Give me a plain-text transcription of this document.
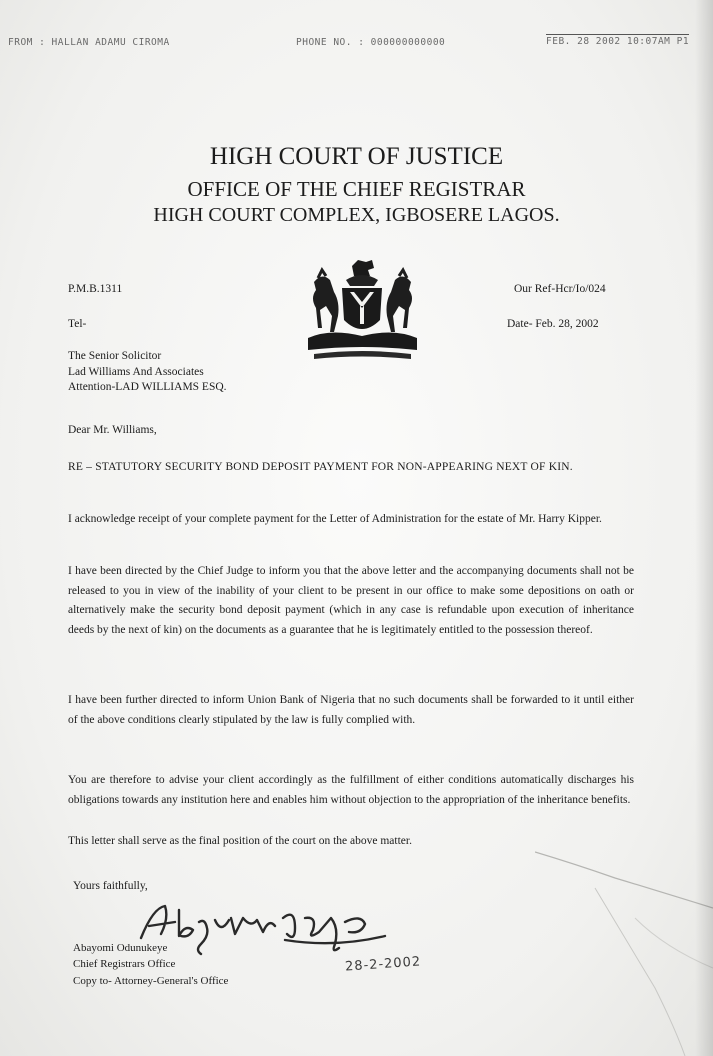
FROM : HALLAN ADAMU CIROMA	PHONE NO. : 000000000000	FEB. 28 2002 10:07AM P1
HIGH COURT OF JUSTICE
OFFICE OF THE CHIEF REGISTRAR
HIGH COURT COMPLEX, IGBOSERE LAGOS.
P.M.B.1311
Tel-
Our Ref-Hcr/Io/024
Date- Feb. 28, 2002
The Senior Solicitor
Lad Williams And Associates
Attention-LAD WILLIAMS ESQ.
Dear Mr. Williams,
RE – STATUTORY SECURITY BOND DEPOSIT PAYMENT FOR NON-APPEARING NEXT OF KIN.
I acknowledge receipt of your complete payment for the Letter of Administration for the estate of Mr. Harry Kipper.
I have been directed by the Chief Judge to inform you that the above letter and the accompanying documents shall not be released to you in view of the inability of your client to be present in our office to make some depositions on oath or alternatively make the security bond deposit payment (which in any case is refundable upon execution of inheritance deeds by the next of kin) on the documents as a guarantee that he is legitimately entitled to the possession thereof.
I have been further directed to inform Union Bank of Nigeria that no such documents shall be forwarded to it until either of the above conditions clearly stipulated by the law is fully complied with.
You are therefore to advise your client accordingly as the fulfillment of either conditions automatically discharges his obligations towards any institution here and enables him without objection to the appropriation of the inheritance benefits.
This letter shall serve as the final position of the court on the above matter.
Yours faithfully,
Abayomi Odunukeye
Chief Registrars Office
Copy to- Attorney-General's Office
28-2-2002
